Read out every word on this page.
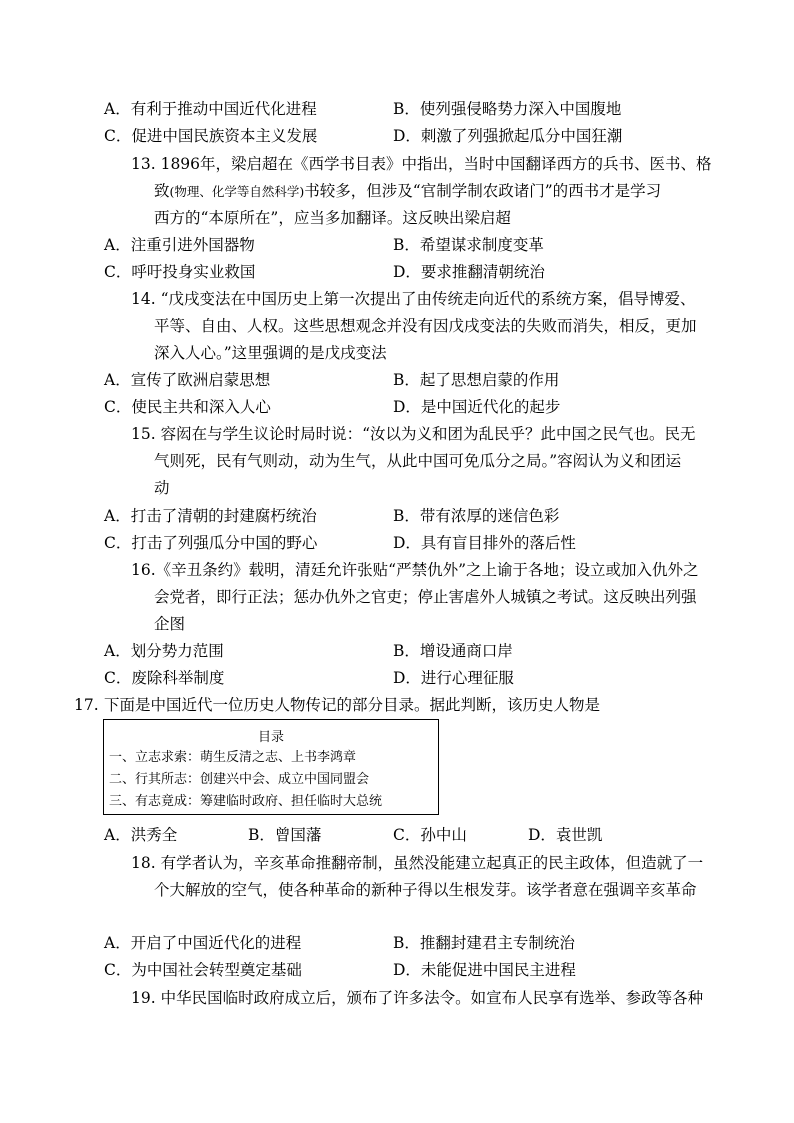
A．有利于推动中国近代化进程	B．使列强侵略势力深入中国腹地
C．促进中国民族资本主义发展	D．刺激了列强掀起瓜分中国狂潮
13. 1896年，梁启超在《西学书目表》中指出，当时中国翻译西方的兵书、医书、格
致(物理、化学等自然科学)书较多，但涉及“官制学制农政诸门”的西书才是学习
西方的“本原所在”，应当多加翻译。这反映出梁启超
A．注重引进外国器物	B．希望谋求制度变革
C．呼吁投身实业救国	D．要求推翻清朝统治
14. “戊戌变法在中国历史上第一次提出了由传统走向近代的系统方案，倡导博爱、
平等、自由、人权。这些思想观念并没有因戊戌变法的失败而消失，相反，更加
深入人心。”这里强调的是戊戌变法
A．宣传了欧洲启蒙思想	B．起了思想启蒙的作用
C．使民主共和深入人心	D．是中国近代化的起步
15. 容闳在与学生议论时局时说：“汝以为义和团为乱民乎？此中国之民气也。民无
气则死，民有气则动，动为生气，从此中国可免瓜分之局。”容闳认为义和团运
动
A．打击了清朝的封建腐朽统治	B．带有浓厚的迷信色彩
C．打击了列强瓜分中国的野心	D．具有盲目排外的落后性
16.《辛丑条约》载明，清廷允许张贴“严禁仇外”之上谕于各地；设立或加入仇外之
会党者，即行正法；惩办仇外之官吏；停止害虐外人城镇之考试。这反映出列强
企图
A．划分势力范围	B．增设通商口岸
C．废除科举制度	D．进行心理征服
17. 下面是中国近代一位历史人物传记的部分目录。据此判断，该历史人物是
目录
一、立志求索：萌生反清之志、上书李鸿章
二、行其所志：创建兴中会、成立中国同盟会
三、有志竟成：筹建临时政府、担任临时大总统
A．洪秀全	B．曾国藩	C．孙中山	D．袁世凯
18. 有学者认为，辛亥革命推翻帝制，虽然没能建立起真正的民主政体，但造就了一
个大解放的空气，使各种革命的新种子得以生根发芽。该学者意在强调辛亥革命
A．开启了中国近代化的进程	B．推翻封建君主专制统治
C．为中国社会转型奠定基础	D．未能促进中国民主进程
19. 中华民国临时政府成立后，颁布了许多法令。如宣布人民享有选举、参政等各种
